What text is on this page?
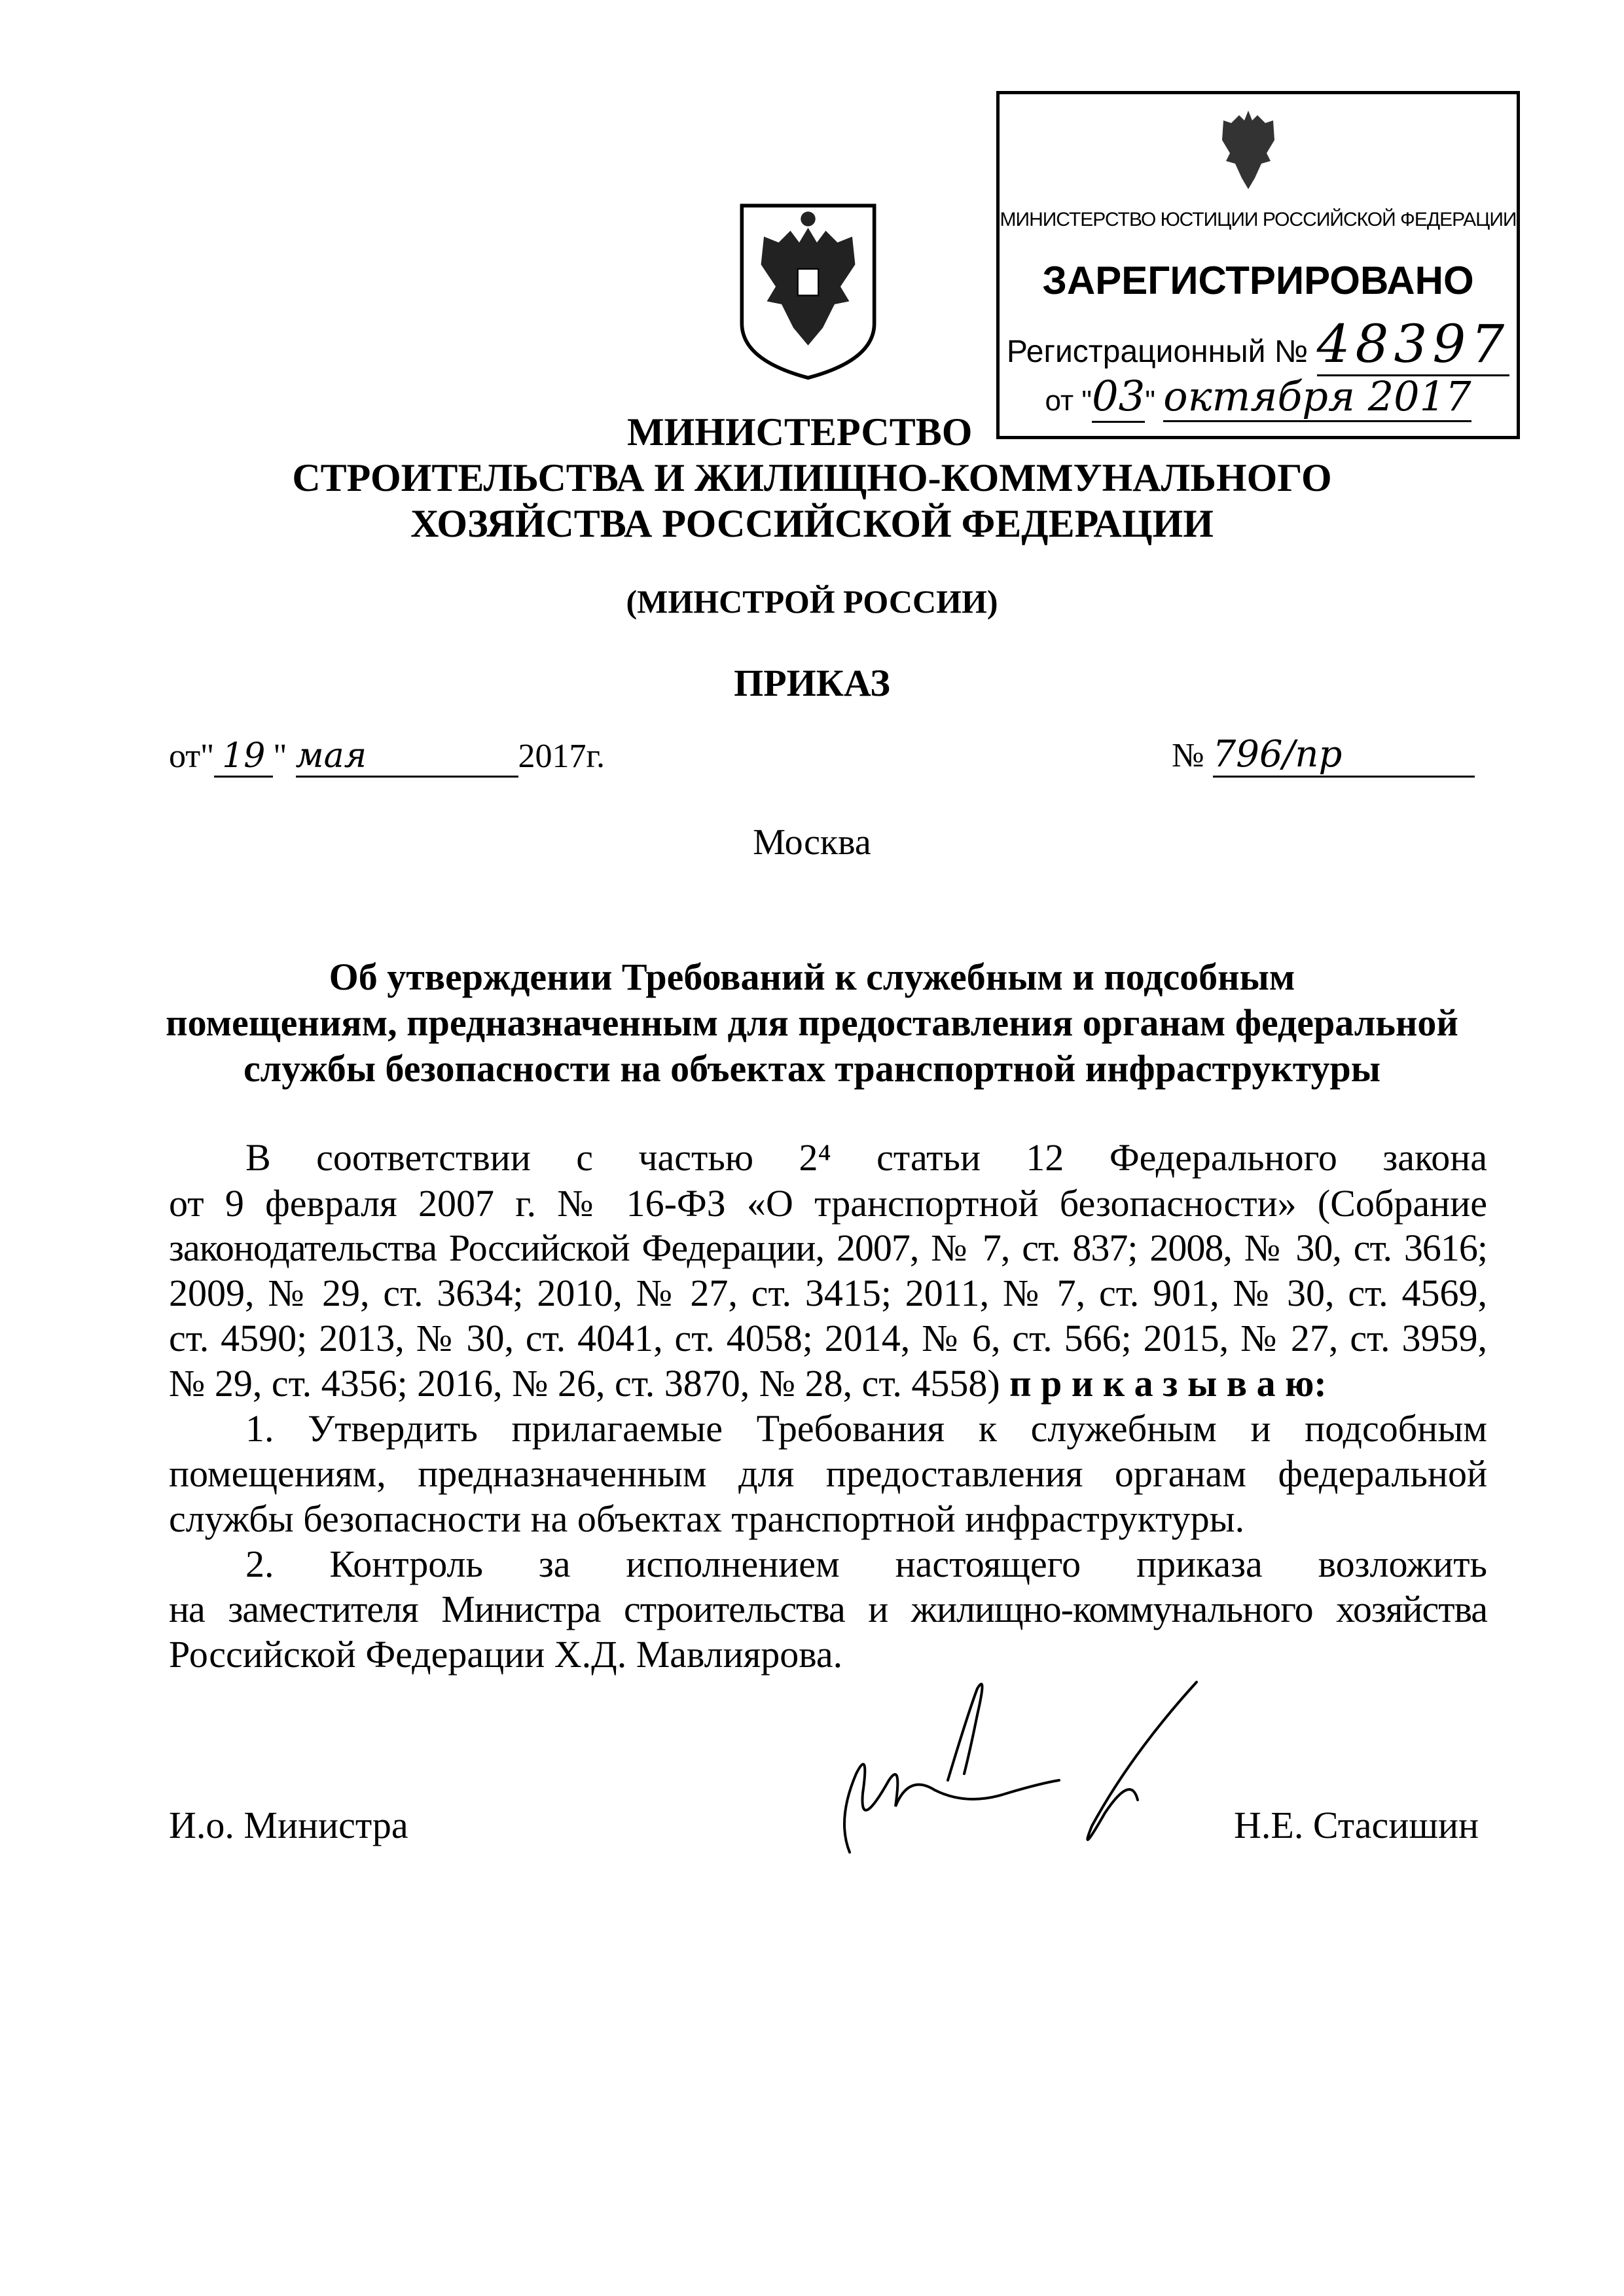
МИНИСТЕРСТВО ЮСТИЦИИ РОССИЙСКОЙ ФЕДЕРАЦИИ
ЗАРЕГИСТРИРОВАНО
Регистрационный № 48397
от "03" октября 2017
МИНИСТЕРСТВО
СТРОИТЕЛЬСТВА И ЖИЛИЩНО-КОММУНАЛЬНОГО
ХОЗЯЙСТВА РОССИЙСКОЙ ФЕДЕРАЦИИ
(МИНСТРОЙ РОССИИ)
ПРИКАЗ
от" 19 " мая	2017г.	№ 796/пр
Москва
Об утверждении Требований к служебным и подсобным
помещениям, предназначенным для предоставления органам федеральной
службы безопасности на объектах транспортной инфраструктуры
В соответствии с частью 2⁴ статьи 12 Федерального закона
от 9 февраля 2007 г. № 16-ФЗ «О транспортной безопасности» (Собрание
законодательства Российской Федерации, 2007, № 7, ст. 837; 2008, № 30, ст. 3616;
2009, № 29, ст. 3634; 2010, № 27, ст. 3415; 2011, № 7, ст. 901, № 30, ст. 4569,
ст. 4590; 2013, № 30, ст. 4041, ст. 4058; 2014, № 6, ст. 566; 2015, № 27, ст. 3959,
№ 29, ст. 4356; 2016, № 26, ст. 3870, № 28, ст. 4558) п р и к а з ы в а ю:
1. Утвердить прилагаемые Требования к служебным и подсобным
помещениям, предназначенным для предоставления органам федеральной
службы безопасности на объектах транспортной инфраструктуры.
2. Контроль за исполнением настоящего приказа возложить
на заместителя Министра строительства и жилищно-коммунального хозяйства
Российской Федерации Х.Д. Мавлиярова.
И.о. Министра	Н.Е. Стасишин
